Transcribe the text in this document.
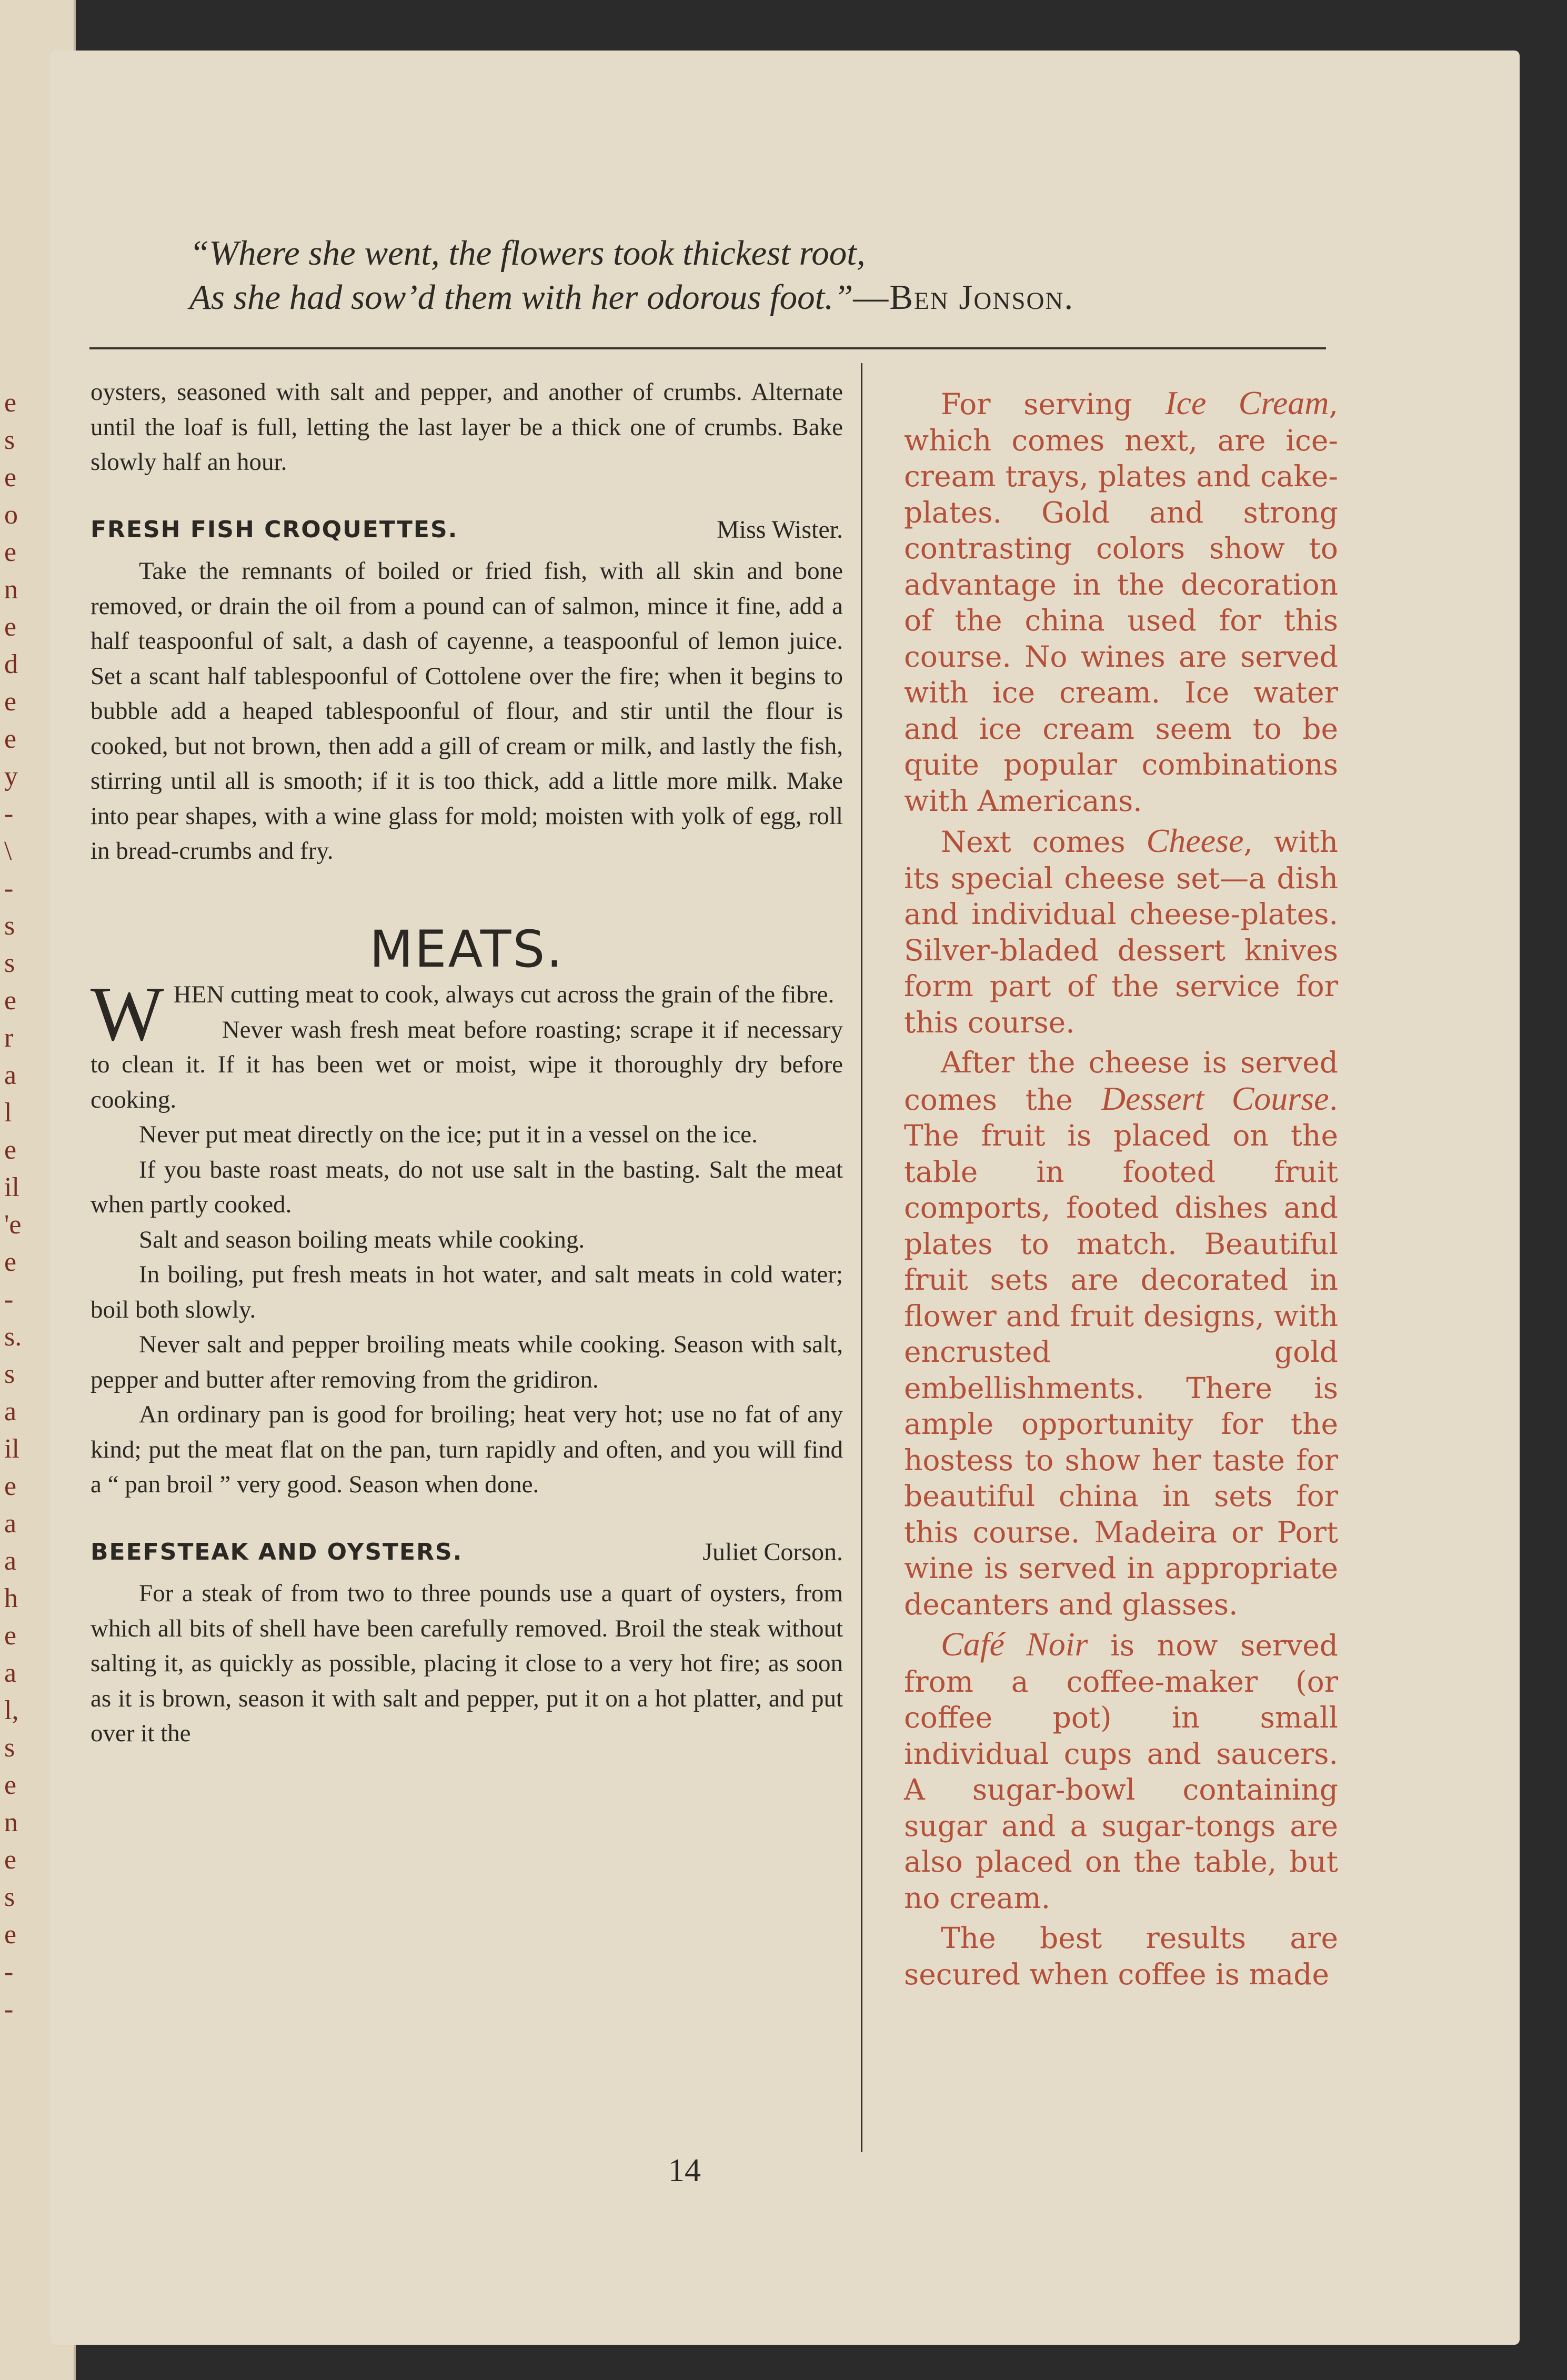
e
s
e
o
e
n
e
d
e
e
y
-
\
-
s
s
e
r
a
l
e
il
'e
e
-
s.
s
a
il
e
a
a
h
e
a
l,
s
e
n
e
s
e
-
-
“Where she went, the flowers took thickest root,
As she had sow’d them with her odorous foot.”—Ben Jonson.

oysters, seasoned with salt and pepper, and another of crumbs. Alternate until the loaf is full, letting the last layer be a thick one of crumbs. Bake slowly half an hour.

FRESH FISH CROQUETTES.	Miss Wister.

Take the remnants of boiled or fried fish, with all skin and bone removed, or drain the oil from a pound can of salmon, mince it fine, add a half teaspoonful of salt, a dash of cayenne, a teaspoonful of lemon juice. Set a scant half tablespoonful of Cottolene over the fire; when it begins to bubble add a heaped tablespoonful of flour, and stir until the flour is cooked, but not brown, then add a gill of cream or milk, and lastly the fish, stirring until all is smooth; if it is too thick, add a little more milk. Make into pear shapes, with a wine glass for mold; moisten with yolk of egg, roll in bread-crumbs and fry.

MEATS.

WHEN cutting meat to cook, always cut across the grain of the fibre.

Never wash fresh meat before roasting; scrape it if necessary to clean it. If it has been wet or moist, wipe it thoroughly dry before cooking.

Never put meat directly on the ice; put it in a vessel on the ice.

If you baste roast meats, do not use salt in the basting. Salt the meat when partly cooked.

Salt and season boiling meats while cooking.

In boiling, put fresh meats in hot water, and salt meats in cold water; boil both slowly.

Never salt and pepper broiling meats while cooking. Season with salt, pepper and butter after removing from the gridiron.

An ordinary pan is good for broiling; heat very hot; use no fat of any kind; put the meat flat on the pan, turn rapidly and often, and you will find a “ pan broil ” very good. Season when done.

BEEFSTEAK AND OYSTERS.	Juliet Corson.

For a steak of from two to three pounds use a quart of oysters, from which all bits of shell have been carefully removed. Broil the steak without salting it, as quickly as possible, placing it close to a very hot fire; as soon as it is brown, season it with salt and pepper, put it on a hot platter, and put over it the

For serving Ice Cream, which comes next, are ice-cream trays, plates and cake-plates. Gold and strong contrasting colors show to advantage in the decoration of the china used for this course. No wines are served with ice cream. Ice water and ice cream seem to be quite popular combinations with Americans.

Next comes Cheese, with its special cheese set—a dish and individual cheese-plates. Silver-bladed dessert knives form part of the service for this course.

After the cheese is served comes the Dessert Course. The fruit is placed on the table in footed fruit comports, footed dishes and plates to match. Beautiful fruit sets are decorated in flower and fruit designs, with encrusted gold embellishments. There is ample opportunity for the hostess to show her taste for beautiful china in sets for this course. Madeira or Port wine is served in appropriate decanters and glasses.

Café Noir is now served from a coffee-maker (or coffee pot) in small individual cups and saucers. A sugar-bowl containing sugar and a sugar-tongs are also placed on the table, but no cream.

The best results are secured when coffee is made

14
